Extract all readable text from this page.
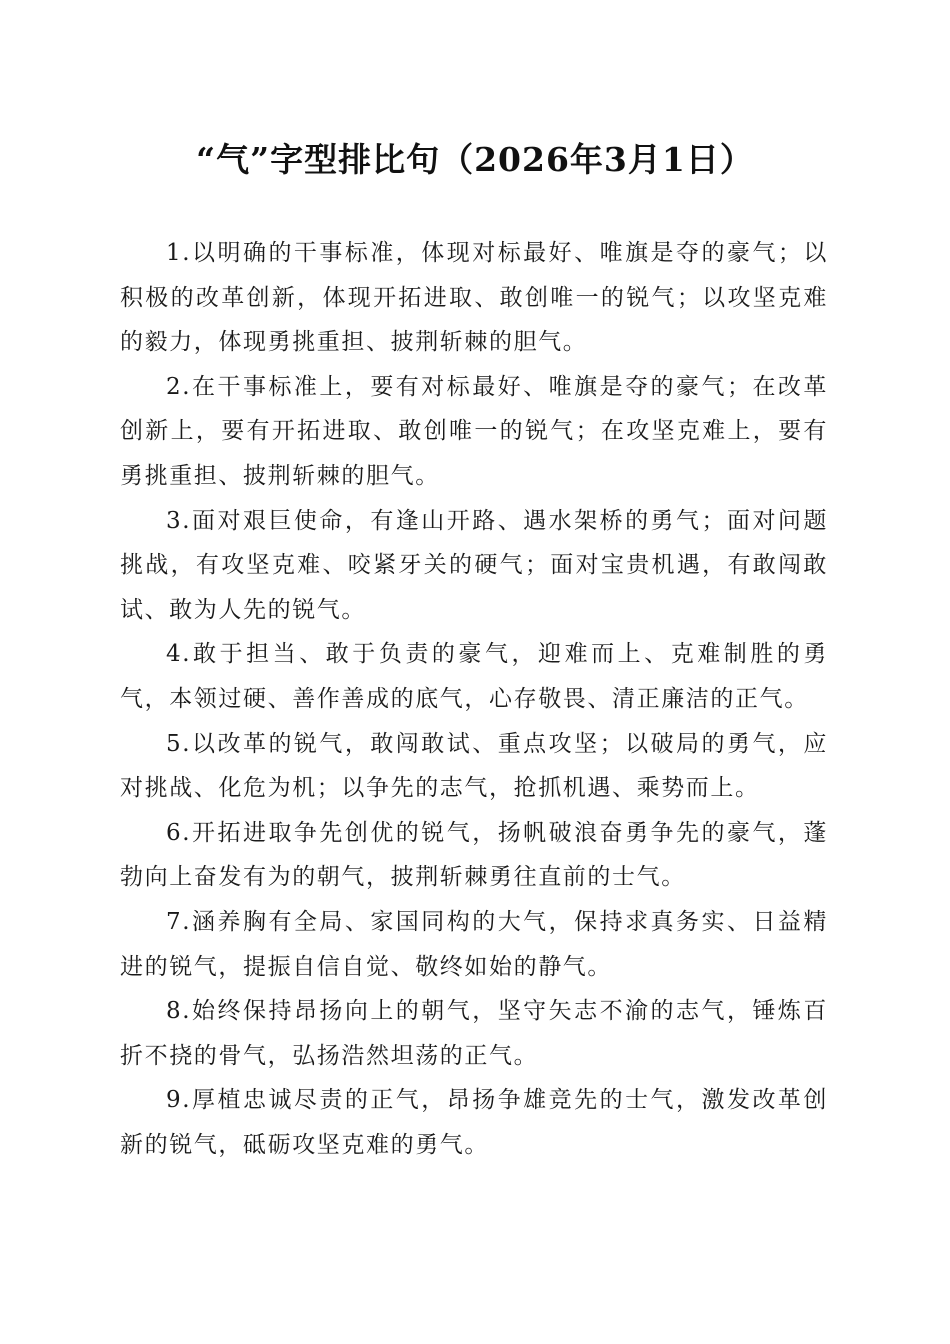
“气”字型排比句（2026年3月1日）

1.以明确的干事标准，体现对标最好、唯旗是夺的豪气；以积极的改革创新，体现开拓进取、敢创唯一的锐气；以攻坚克难的毅力，体现勇挑重担、披荆斩棘的胆气。

2.在干事标准上，要有对标最好、唯旗是夺的豪气；在改革创新上，要有开拓进取、敢创唯一的锐气；在攻坚克难上，要有勇挑重担、披荆斩棘的胆气。

3.面对艰巨使命，有逢山开路、遇水架桥的勇气；面对问题挑战，有攻坚克难、咬紧牙关的硬气；面对宝贵机遇，有敢闯敢试、敢为人先的锐气。

4.敢于担当、敢于负责的豪气，迎难而上、克难制胜的勇气，本领过硬、善作善成的底气，心存敬畏、清正廉洁的正气。

5.以改革的锐气，敢闯敢试、重点攻坚；以破局的勇气，应对挑战、化危为机；以争先的志气，抢抓机遇、乘势而上。

6.开拓进取争先创优的锐气，扬帆破浪奋勇争先的豪气，蓬勃向上奋发有为的朝气，披荆斩棘勇往直前的士气。

7.涵养胸有全局、家国同构的大气，保持求真务实、日益精进的锐气，提振自信自觉、敬终如始的静气。

8.始终保持昂扬向上的朝气，坚守矢志不渝的志气，锤炼百折不挠的骨气，弘扬浩然坦荡的正气。

9.厚植忠诚尽责的正气，昂扬争雄竞先的士气，激发改革创新的锐气，砥砺攻坚克难的勇气。
